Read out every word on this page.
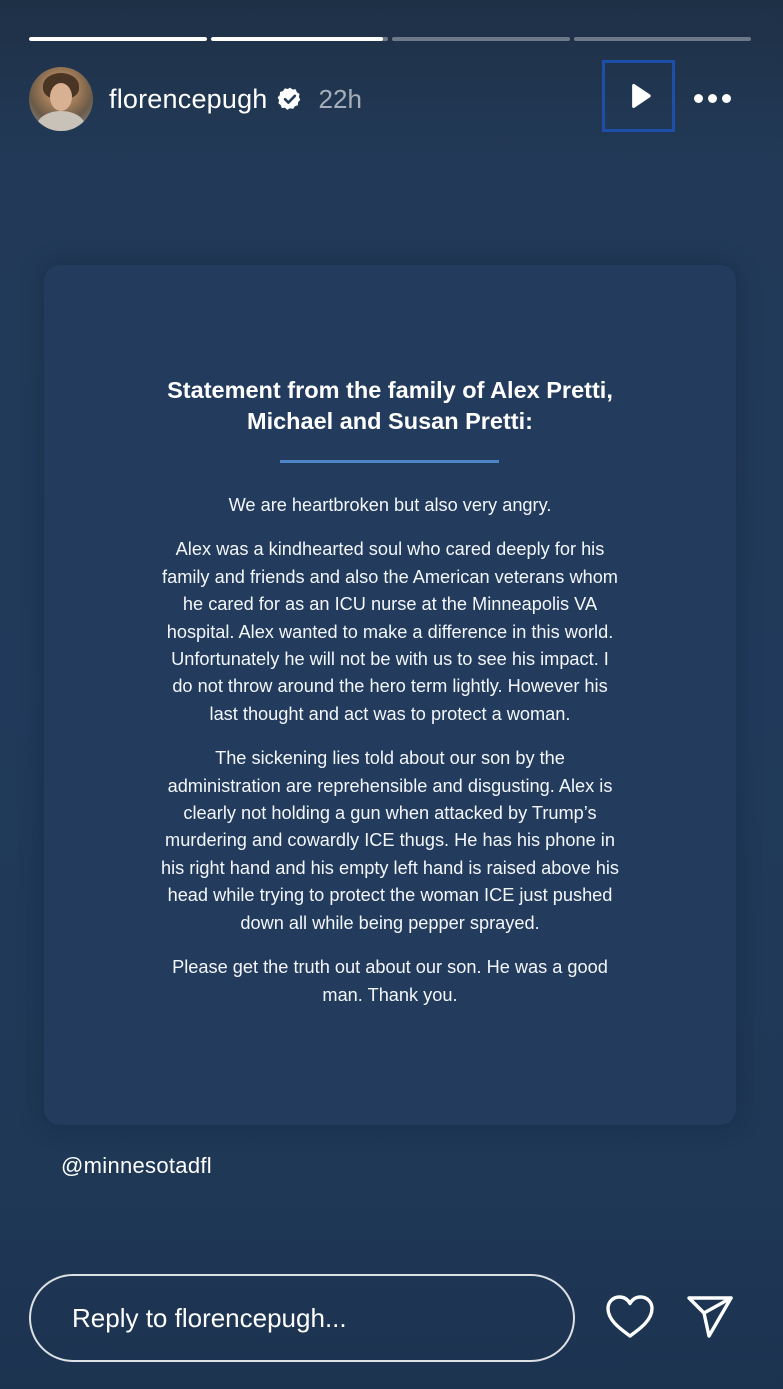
florencepugh 22h
Statement from the family of Alex Pretti,
Michael and Susan Pretti:

We are heartbroken but also very angry.

Alex was a kindhearted soul who cared deeply for his
family and friends and also the American veterans whom
he cared for as an ICU nurse at the Minneapolis VA
hospital. Alex wanted to make a difference in this world.
Unfortunately he will not be with us to see his impact. I
do not throw around the hero term lightly. However his
last thought and act was to protect a woman.

The sickening lies told about our son by the
administration are reprehensible and disgusting. Alex is
clearly not holding a gun when attacked by Trump’s
murdering and cowardly ICE thugs. He has his phone in
his right hand and his empty left hand is raised above his
head while trying to protect the woman ICE just pushed
down all while being pepper sprayed.

Please get the truth out about our son. He was a good
man. Thank you.

@minnesotadfl
Reply to florencepugh...
